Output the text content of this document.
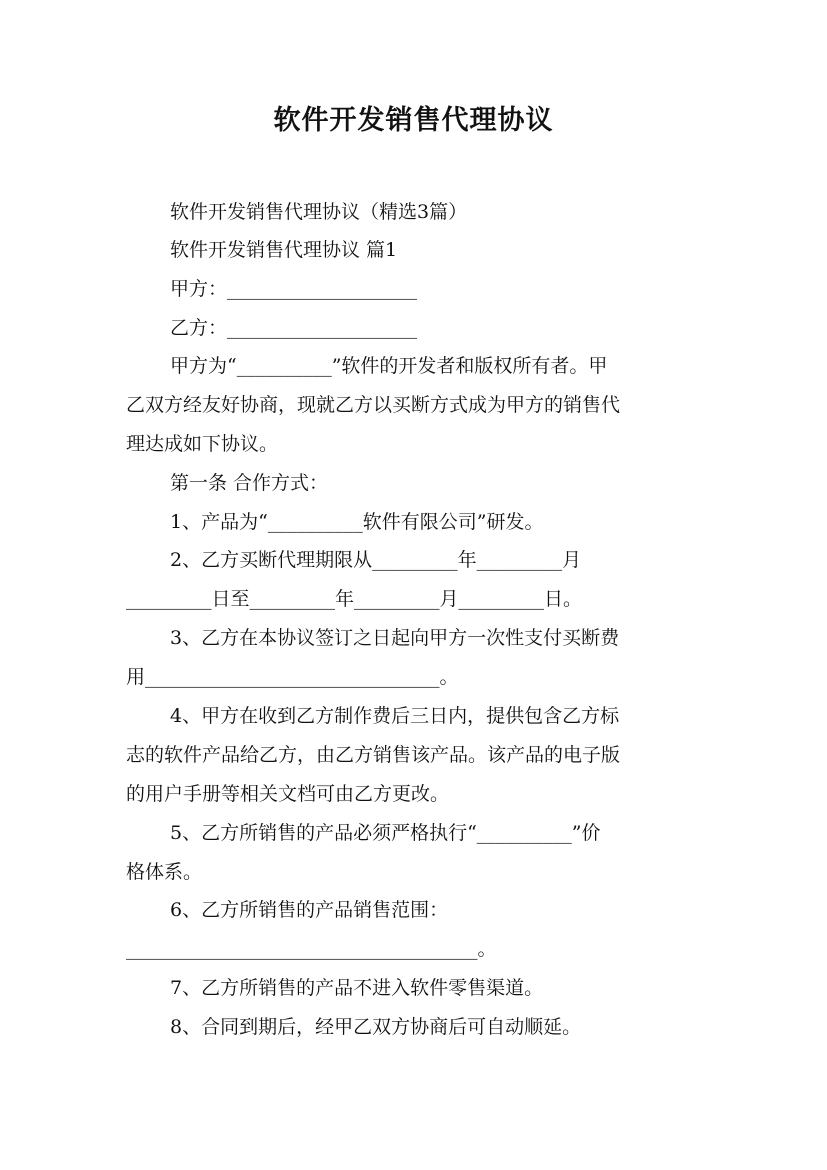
软件开发销售代理协议
软件开发销售代理协议（精选3篇）
软件开发销售代理协议 篇1
甲方：____________________
乙方：____________________
甲方为“__________”软件的开发者和版权所有者。甲
乙双方经友好协商，现就乙方以买断方式成为甲方的销售代
理达成如下协议。
第一条 合作方式：
1、产品为“__________软件有限公司”研发。
2、乙方买断代理期限从_________年_________月
_________日至_________年_________月_________日。
3、乙方在本协议签订之日起向甲方一次性支付买断费
用_______________________________。
4、甲方在收到乙方制作费后三日内，提供包含乙方标
志的软件产品给乙方，由乙方销售该产品。该产品的电子版
的用户手册等相关文档可由乙方更改。
5、乙方所销售的产品必须严格执行“__________”价
格体系。
6、乙方所销售的产品销售范围：
_____________________________________。
7、乙方所销售的产品不进入软件零售渠道。
8、合同到期后，经甲乙双方协商后可自动顺延。
